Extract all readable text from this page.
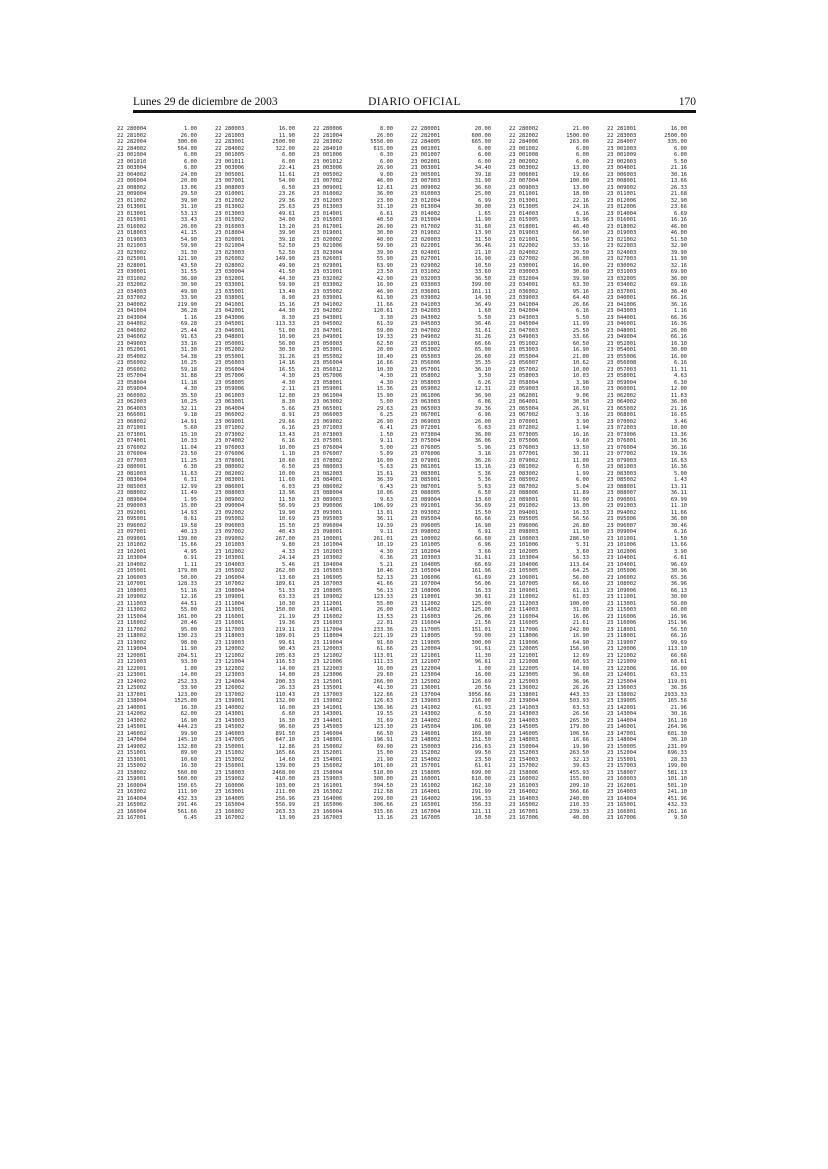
Lunes 29 de diciembre de 2003	DIARIO OFICIAL	170
22 280004	1.00
22 281002	26.00
22 282004	300.00
22 284002	564.00
23 001004	6.00
23 001010	6.00
23 003004	6.00
23 004002	24.00
23 006004	20.00
23 008002	13.06
23 009004	29.50
23 011002	39.90
23 013001	31.10
23 013001	53.13
23 015001	33.43
23 016002	20.00
23 018003	41.15
23 019003	54.90
23 021003	59.90
23 023002	31.30
23 025001	121.90
23 028001	43.50
23 030001	31.55
23 031002	36.90
23 032002	30.90
23 034003	49.90
23 037002	33.90
23 040002	219.90
23 041004	36.28
23 043004	1.16
23 044002	69.28
23 046002	25.44
23 046002	91.63
23 049003	33.16
23 052001	31.30
23 054002	54.38
23 056002	10.25
23 056002	59.18
23 057004	31.88
23 058004	11.18
23 059004	4.30
23 060002	35.50
23 062003	10.25
23 064003	32.11
23 066001	9.18
23 068002	14.91
23 071001	5.60
23 073001	15.10
23 074001	10.33
23 076002	11.04
23 076004	23.50
23 077003	11.25
23 080001	6.30
23 081003	11.63
23 083004	6.31
23 085003	12.99
23 088002	11.49
23 089004	1.95
23 090003	15.00
23 092001	14.93
23 095001	8.61
23 096002	19.58
23 097001	40.13
23 099001	139.00
23 101002	15.66
23 102001	4.95
23 103004	6.91
23 104002	1.11
23 105001	179.00
23 106003	50.00
23 107001	128.33
23 108003	51.16
23 109002	12.16
23 111003	44.51
23 113002	55.00
23 115004	161.00
23 116002	20.46
23 117002	95.00
23 118002	130.23
23 119002	98.00
23 119004	11.90
23 120001	204.51
23 121003	93.30
23 122001	1.00
23 123001	14.00
23 124002	252.33
23 125002	33.90
23 137001	123.00
23 138004	1525.00
23 140001	16.30
23 142002	62.00
23 143002	16.90
23 145001	444.23
23 146002	99.90
23 147004	145.10
23 149002	132.80
23 151001	89.90
23 153001	10.60
23 155002	16.30
23 158002	560.00
23 159001	560.00
23 160004	150.65
23 163002	111.90
23 164004	432.33
23 165002	291.46
23 166004	561.66
23 167001	6.45
22 280003	16.00
22 281003	11.90
22 283001	2500.00
22 284002	322.00
23 001005	6.00
23 001011	6.00
23 003006	22.41
23 005001	11.61
23 007001	54.00
23 008003	6.50
23 010001	23.26
23 012002	29.36
23 013002	25.63
23 013003	49.61
23 015002	34.00
23 016003	13.20
23 018004	39.90
23 020001	39.18
23 021004	52.50
23 023003	52.50
23 026002	149.90
23 028002	49.90
23 030004	41.50
23 032001	44.30
23 033001	59.90
23 035001	13.40
23 038001	8.90
23 041001	15.16
23 042001	44.30
23 043006	8.30
23 045001	113.33
23 046001	51.00
23 048001	10.90
23 050001	56.00
23 052002	30.30
23 055001	31.26
23 056003	14.16
23 056004	16.55
23 057006	4.30
23 058005	4.30
23 059006	2.11
23 061003	12.00
23 063001	8.30
23 064004	5.66
23 066002	8.91
23 069001	29.66
23 071002	6.16
23 073002	13.43
23 074002	6.16
23 076003	10.00
23 076006	1.10
23 078001	10.60
23 080002	6.50
23 082002	10.00
23 083001	11.60
23 086001	6.03
23 088003	13.96
23 089002	11.50
23 090004	56.99
23 092002	19.90
23 095002	10.69
23 096003	15.50
23 097002	40.43
23 099002	267.00
23 101003	9.80
23 102002	4.33
23 103001	24.14
23 104003	5.46
23 105002	262.00
23 106004	13.60
23 107002	189.61
23 108004	51.33
23 109001	63.33
23 111004	10.30
23 113001	150.00
23 116001	21.19
23 116001	19.36
23 117003	219.11
23 118003	189.01
23 119003	99.61
23 120002	90.43
23 121002	205.63
23 121004	116.53
23 122002	14.00
23 123003	14.00
23 124004	200.33
23 126002	26.33
23 137002	110.43
23 139001	132.00
23 140002	16.00
23 143001	6.60
23 143003	16.30
23 145002	96.60
23 146003	891.50
23 147005	647.10
23 150001	12.86
23 151002	165.66
23 153002	14.60
23 156001	139.00
23 158003	2468.00
23 159002	410.00
23 160006	103.00
23 163001	211.00
23 164005	256.96
23 165004	556.99
23 166002	263.33
23 167002	13.90
22 280006	8.00
22 281004	26.00
22 283002	5550.00
22 284010	615.00
23 001006	6.30
23 001012	6.00
23 003006	26.90
23 005002	9.00
23 007002	46.00
23 009001	12.61
23 010002	36.00
23 012003	23.00
23 013003	31.10
23 014001	6.61
23 015003	40.50
23 017001	26.90
23 019001	30.00
23 020002	40.00
23 021006	59.90
23 023004	39.90
23 026001	55.90
23 029001	63.90
23 031001	23.50
23 032002	42.90
23 033002	16.90
23 035002	46.90
23 039001	61.90
23 041002	11.66
23 042002	120.61
23 043001	3.30
23 045002	61.39
23 047001	59.00
23 049001	19.33
23 050003	62.50
23 053001	20.00
23 055002	10.40
23 056004	16.66
23 056012	10.30
23 057006	4.30
23 058001	4.30
23 059001	15.36
23 061004	15.90
23 063002	5.00
23 065001	29.63
23 066003	6.25
23 069002	26.90
23 071003	6.41
23 073003	1.50
23 075001	9.11
23 076004	5.00
23 076007	5.09
23 078002	16.00
23 080003	5.63
23 082003	15.61
23 084001	36.39
23 086002	6.43
23 088004	10.06
23 089003	9.63
23 090006	106.99
23 093001	13.01
23 095003	36.11
23 096004	19.39
23 098001	9.11
23 100001	261.01
23 101004	10.19
23 102003	4.30
23 103002	6.36
23 104004	5.21
23 105003	10.46
23 106005	52.13
23 107003	41.66
23 108005	56.13
23 109002	123.33
23 112001	55.00
23 114001	26.00
23 116002	13.53
23 116003	22.01
23 117004	233.36
23 118004	221.19
23 119004	91.60
23 120003	61.66
23 121002	113.01
23 121006	111.33
23 122003	16.00
23 123006	29.60
23 125001	266.00
23 135001	41.30
23 137003	122.66
23 139002	126.63
23 141001	136.96
23 143001	19.55
23 144001	31.69
23 145003	123.30
23 146004	66.50
23 148001	196.91
23 150002	69.90
23 152001	15.00
23 154001	21.90
23 156002	101.60
23 158004	510.00
23 159003	300.00
23 161001	394.50
23 163002	212.68
23 164006	299.00
23 165006	306.66
23 166004	315.66
23 167003	13.16
22 280001	20.00
22 282001	600.00
22 284005	665.00
23 001001	6.00
23 001007	6.00
23 002001	6.00
23 003001	34.40
23 005001	39.18
23 007003	31.90
23 009002	36.60
23 010003	25.00
23 012004	6.99
23 013004	30.00
23 014002	1.65
23 015004	11.90
23 017002	31.60
23 019002	13.90
23 020003	31.50
23 022001	36.46
23 024001	21.10
23 027001	16.90
23 029002	10.50
23 031002	33.60
23 032003	36.50
23 033003	399.00
23 036001	161.11
23 039002	14.90
23 041003	36.49
23 042003	1.60
23 043002	5.50
23 045003	36.46
23 047002	31.61
23 049002	31.26
23 051001	66.66
23 053002	65.00
23 055003	26.60
23 056006	35.35
23 057001	36.10
23 058002	3.50
23 058003	6.26
23 059002	12.31
23 061006	36.90
23 063003	6.06
23 065003	39.36
23 067001	6.96
23 069003	26.00
23 072001	6.63
23 073004	36.00
23 075004	36.06
23 076005	5.96
23 076006	3.16
23 079001	36.26
23 081001	13.16
23 083001	5.36
23 085001	5.36
23 087001	5.63
23 088005	6.50
23 089004	13.60
23 091001	36.69
23 093002	15.50
23 095004	66.66
23 096005	16.90
23 098002	6.91
23 100002	66.60
23 101005	6.96
23 102004	3.66
23 103003	31.61
23 104005	66.69
23 105004	161.96
23 106006	61.69
23 107004	56.06
23 108006	16.33
23 110001	30.61
23 112002	125.00
23 114002	125.00
23 116003	26.06
23 116004	21.56
23 117005	151.01
23 118005	59.00
23 119005	300.00
23 120004	91.61
23 121001	11.30
23 121007	96.61
23 122004	1.00
23 123004	16.00
23 125002	126.69
23 136001	20.56
23 137004	3056.66
23 139003	216.00
23 141002	61.93
23 143002	6.50
23 144002	61.69
23 145004	106.90
23 146001	169.90
23 148002	151.50
23 150003	216.63
23 152002	99.50
23 154002	23.50
23 157001	61.61
23 158005	699.00
23 160001	610.00
23 161002	162.10
23 164001	291.99
23 164002	196.33
23 165001	356.33
23 167004	121.11
23 167005	10.50
22 280002	21.00
22 282002	1500.00
22 284006	263.00
23 001002	6.00
23 001008	6.00
23 002002	6.00
23 003002	13.00
23 006001	19.66
23 007004	100.00
23 009003	13.00
23 011001	18.00
23 013001	22.16
23 013005	24.16
23 014003	6.16
23 015005	13.96
23 018001	46.40
23 019003	60.90
23 021001	56.50
23 022002	33.16
23 024002	29.50
23 027002	36.00
23 030001	16.00
23 030003	30.60
23 032004	39.90
23 034001	63.30
23 036002	95.16
23 039003	64.40
23 041004	26.66
23 042004	6.16
23 043003	5.50
23 045004	11.99
23 047003	25.50
23 049003	33.66
23 051002	60.50
23 053003	16.90
23 055004	21.00
23 056007	10.62
23 057002	10.00
23 058003	10.03
23 058004	3.98
23 059003	16.50
23 062001	9.06
23 064001	30.50
23 065004	26.91
23 067002	3.16
23 070001	3.90
23 072002	1.94
23 073005	16.16
23 075006	9.60
23 076003	13.50
23 077001	30.11
23 079002	11.00
23 081002	6.50
23 083002	1.99
23 085002	6.00
23 087002	5.04
23 088006	11.89
23 089001	91.00
23 091002	13.00
23 094001	16.33
23 095005	56.56
23 096006	26.80
23 098003	11.90
23 100003	286.50
23 101006	5.31
23 102005	3.60
23 103004	56.33
23 104006	113.64
23 105005	64.25
23 106001	56.00
23 107005	66.66
23 109001	61.13
23 110002	61.03
23 112003	100.00
23 114003	31.00
23 116004	16.06
23 116005	21.61
23 117006	242.00
23 118006	16.90
23 119006	64.90
23 120005	156.90
23 121001	12.69
23 121008	60.93
23 122005	14.00
23 123005	36.60
23 125003	36.96
23 136002	26.26
23 138001	443.33
23 139004	503.93
23 141003	63.53
23 143003	26.56
23 144003	265.30
23 145005	179.00
23 146005	106.56
23 148003	16.66
23 150004	19.90
23 152003	263.50
23 154003	32.13
23 157002	39.63
23 158006	455.93
23 160002	155.00
23 161003	209.10
23 164002	366.66
23 164003	240.00
23 165002	210.33
23 167001	239.33
23 167006	40.00
22 281001	16.00
22 283003	2500.00
22 284007	335.00
23 001003	6.00
23 001009	6.00
23 002003	5.50
23 004001	21.16
23 006003	30.16
23 008001	13.66
23 009002	26.33
23 011001	21.68
23 012006	32.90
23 012006	23.66
23 014004	6.69
23 016001	16.16
23 018002	46.00
23 019003	46.00
23 021002	51.50
23 022003	32.90
23 024003	39.90
23 027003	11.90
23 030002	32.16
23 031003	69.90
23 032005	36.00
23 034002	69.16
23 037001	36.40
23 040001	66.16
23 041006	36.16
23 043003	1.16
23 044001	66.36
23 046001	16.36
23 048001	26.00
23 049004	66.16
23 052001	16.10
23 054001	30.00
23 055006	16.00
23 056008	6.16
23 057003	11.31
23 058001	4.63
23 059004	6.30
23 060001	12.00
23 062002	11.63
23 064002	36.00
23 065002	21.16
23 068001	16.65
23 070002	3.46
23 072003	10.00
23 073006	13.36
23 076001	10.36
23 076004	36.16
23 077002	19.36
23 079003	16.63
23 081003	16.36
23 083003	5.00
23 085002	1.43
23 088001	13.11
23 088007	36.11
23 090001	69.99
23 091003	11.10
23 094002	11.66
23 095006	36.00
23 096007	30.46
23 099004	6.16
23 101001	1.50
23 101006	13.66
23 102006	3.90
23 104001	6.61
23 104001	96.69
23 105006	30.96
23 106002	65.36
23 108002	36.96
23 109006	66.13
23 111001	30.00
23 113001	56.00
23 115003	60.00
23 116006	16.96
23 116006	151.96
23 118001	56.50
23 118001	66.16
23 119007	99.69
23 120006	113.10
23 121002	66.66
23 121009	60.61
23 122006	16.00
23 124001	63.33
23 125004	119.01
23 136003	36.36
23 138002	2933.33
23 139005	165.56
23 142001	21.96
23 143004	30.16
23 144004	161.10
23 146001	264.96
23 147001	601.30
23 148004	36.10
23 150005	231.09
23 152004	696.33
23 155001	28.33
23 157003	199.00
23 158007	581.13
23 160003	101.10
23 162001	501.10
23 164003	241.10
23 164004	451.96
23 165001	432.33
23 166001	261.16
23 167006	9.50
